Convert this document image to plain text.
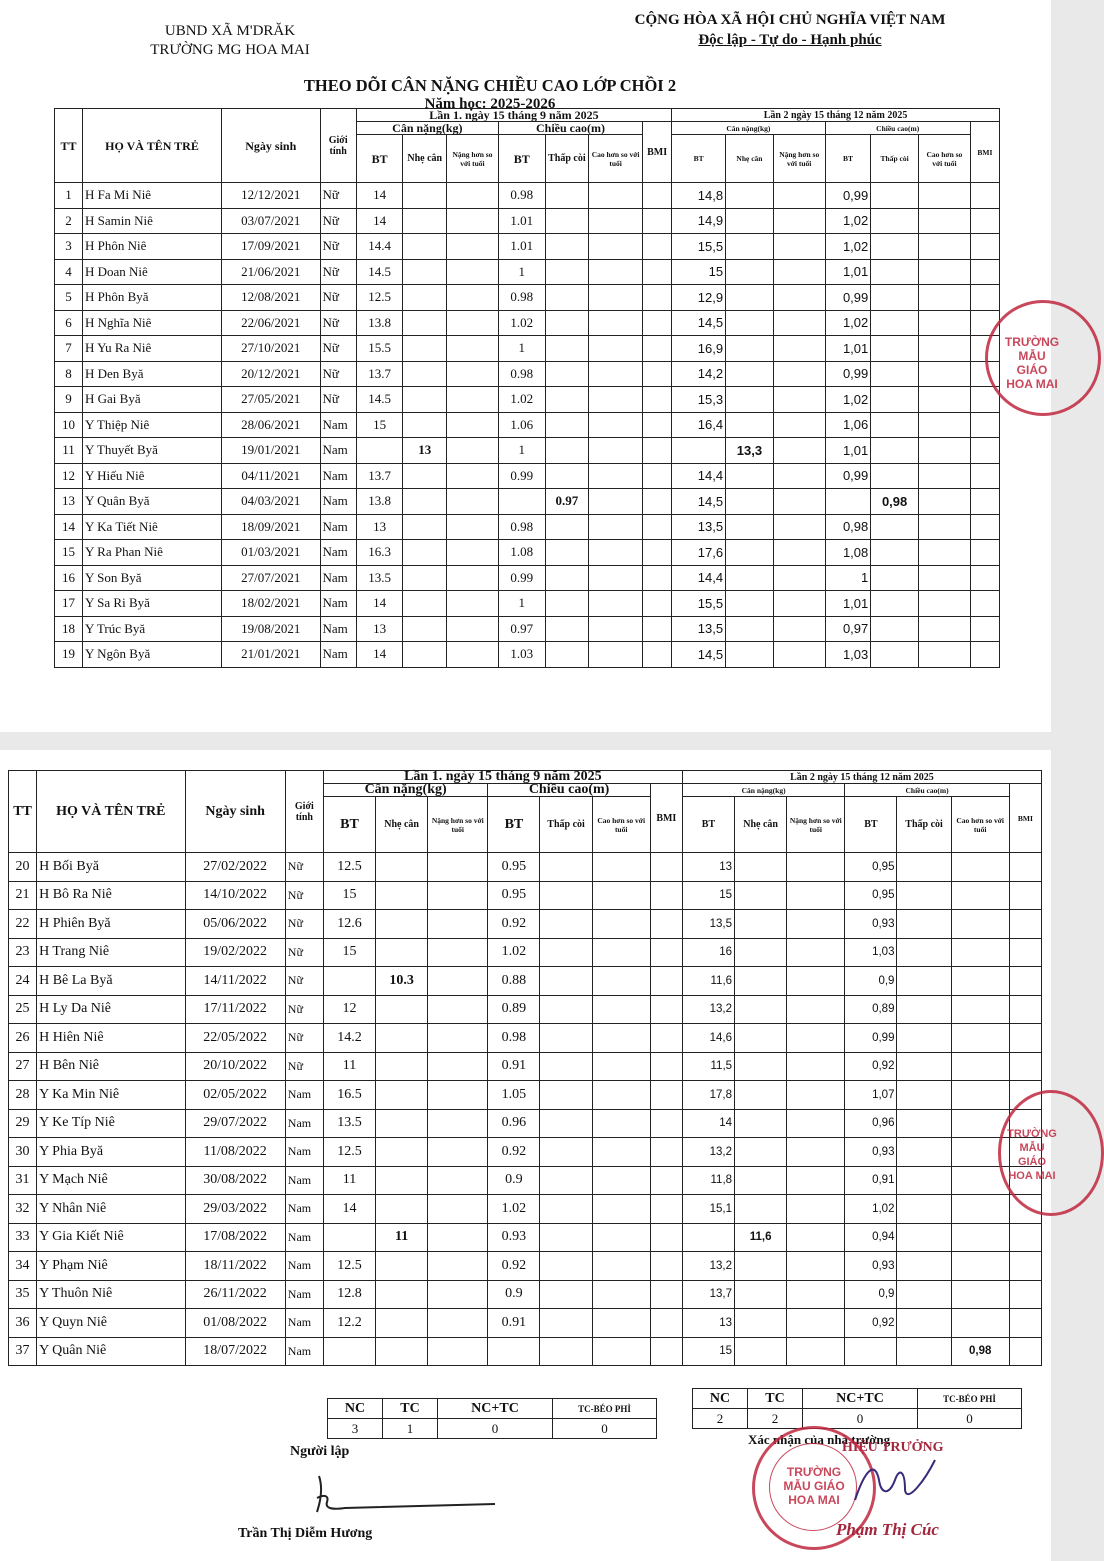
UBND XÃ M'DRĂK
TRƯỜNG MG HOA MAI
CỘNG HÒA XÃ HỘI CHỦ NGHĨA VIỆT NAM
Độc lập - Tự do - Hạnh phúc
THEO DÕI CÂN NẶNG CHIỀU CAO LỚP CHỒI 2
Năm học: 2025-2026
TT	HỌ VÀ TÊN TRẺ	Ngày sinh	Giới tính	Lần 1. ngày 15 tháng 9 năm 2025							Lần 2 ngày 15 tháng 12 năm 2025						
				Cân nặng(kg)			Chiều cao(m)			BMI	Cân nặng(kg)			Chiều cao(m)			BMI
				BT	Nhẹ cân	Nặng hơn so với tuổi	BT	Thấp còi	Cao hơn so với tuổi		BT	Nhẹ cân	Nặng hơn so với tuổi	BT	Thấp còi	Cao hơn so với tuổi	
1	H Fa Mi Niê	12/12/2021	Nữ	14			0.98				14,8			0,99			
2	H Samin Niê	03/07/2021	Nữ	14			1.01				14,9			1,02			
3	H Phôn Niê	17/09/2021	Nữ	14.4			1.01				15,5			1,02			
4	H Doan Niê	21/06/2021	Nữ	14.5			1				15			1,01			
5	H Phôn Byă	12/08/2021	Nữ	12.5			0.98				12,9			0,99			
6	H Nghĩa Niê	22/06/2021	Nữ	13.8			1.02				14,5			1,02			
7	H Yu Ra Niê	27/10/2021	Nữ	15.5			1				16,9			1,01			
8	H Den Byă	20/12/2021	Nữ	13.7			0.98				14,2			0,99			
9	H Gai Byă	27/05/2021	Nữ	14.5			1.02				15,3			1,02			
10	Y Thiệp Niê	28/06/2021	Nam	15			1.06				16,4			1,06			
11	Y Thuyết Byă	19/01/2021	Nam		13		1					13,3		1,01			
12	Y Hiếu Niê	04/11/2021	Nam	13.7			0.99				14,4			0,99			
13	Y Quân Byă	04/03/2021	Nam	13.8				0.97			14,5				0,98		
14	Y Ka Tiết Niê	18/09/2021	Nam	13			0.98				13,5			0,98			
15	Y Ra Phan Niê	01/03/2021	Nam	16.3			1.08				17,6			1,08			
16	Y Son Byă	27/07/2021	Nam	13.5			0.99				14,4			1			
17	Y Sa Ri Byă	18/02/2021	Nam	14			1				15,5			1,01			
18	Y Trúc Byă	19/08/2021	Nam	13			0.97				13,5			0,97			
19	Y Ngôn Byă	21/01/2021	Nam	14			1.03				14,5			1,03			
TRƯỜNG
MẪU GIÁO
HOA MAI
TT	HỌ VÀ TÊN TRẺ	Ngày sinh	Giới tính	Lần 1. ngày 15 tháng 9 năm 2025							Lần 2 ngày 15 tháng 12 năm 2025						
				Cân nặng(kg)			Chiều cao(m)			BMI	Cân nặng(kg)			Chiều cao(m)			BMI
				BT	Nhẹ cân	Nặng hơn so với tuổi	BT	Thấp còi	Cao hơn so với tuổi		BT	Nhẹ cân	Nặng hơn so với tuổi	BT	Thấp còi	Cao hơn so với tuổi	
20	H Bối Byă	27/02/2022	Nữ	12.5			0.95				13			0,95			
21	H Bô Ra Niê	14/10/2022	Nữ	15			0.95				15			0,95			
22	H Phiên Byă	05/06/2022	Nữ	12.6			0.92				13,5			0,93			
23	H Trang Niê	19/02/2022	Nữ	15			1.02				16			1,03			
24	H Bê La Byă	14/11/2022	Nữ		10.3		0.88				11,6			0,9			
25	H Ly Da Niê	17/11/2022	Nữ	12			0.89				13,2			0,89			
26	H Hiên Niê	22/05/2022	Nữ	14.2			0.98				14,6			0,99			
27	H Bên Niê	20/10/2022	Nữ	11			0.91				11,5			0,92			
28	Y Ka Min Niê	02/05/2022	Nam	16.5			1.05				17,8			1,07			
29	Y Ke Típ Niê	29/07/2022	Nam	13.5			0.96				14			0,96			
30	Y Phia Byă	11/08/2022	Nam	12.5			0.92				13,2			0,93			
31	Y Mạch Niê	30/08/2022	Nam	11			0.9				11,8			0,91			
32	Y Nhân Niê	29/03/2022	Nam	14			1.02				15,1			1,02			
33	Y Gia Kiết Niê	17/08/2022	Nam		11		0.93					11,6		0,94			
34	Y Phạm Niê	18/11/2022	Nam	12.5			0.92				13,2			0,93			
35	Y Thuôn Niê	26/11/2022	Nam	12.8			0.9				13,7			0,9			
36	Y Quyn Niê	01/08/2022	Nam	12.2			0.91				13			0,92			
37	Y Quân Niê	18/07/2022	Nam								15					0,98	
NC	TC	NC+TC	TC-BÉO PHÌ
3	1	0	0
NC	TC	NC+TC	TC-BÉO PHÌ
2	2	0	0
Người lập
Trần Thị Diễm Hương
Xác nhận của nhà trường
HIỆU TRƯỞNG
TRƯỜNG
MẪU GIÁO
HOA MAI
Phạm Thị Cúc
TRƯỜNG
MẪU GIÁO
HOA MAI
